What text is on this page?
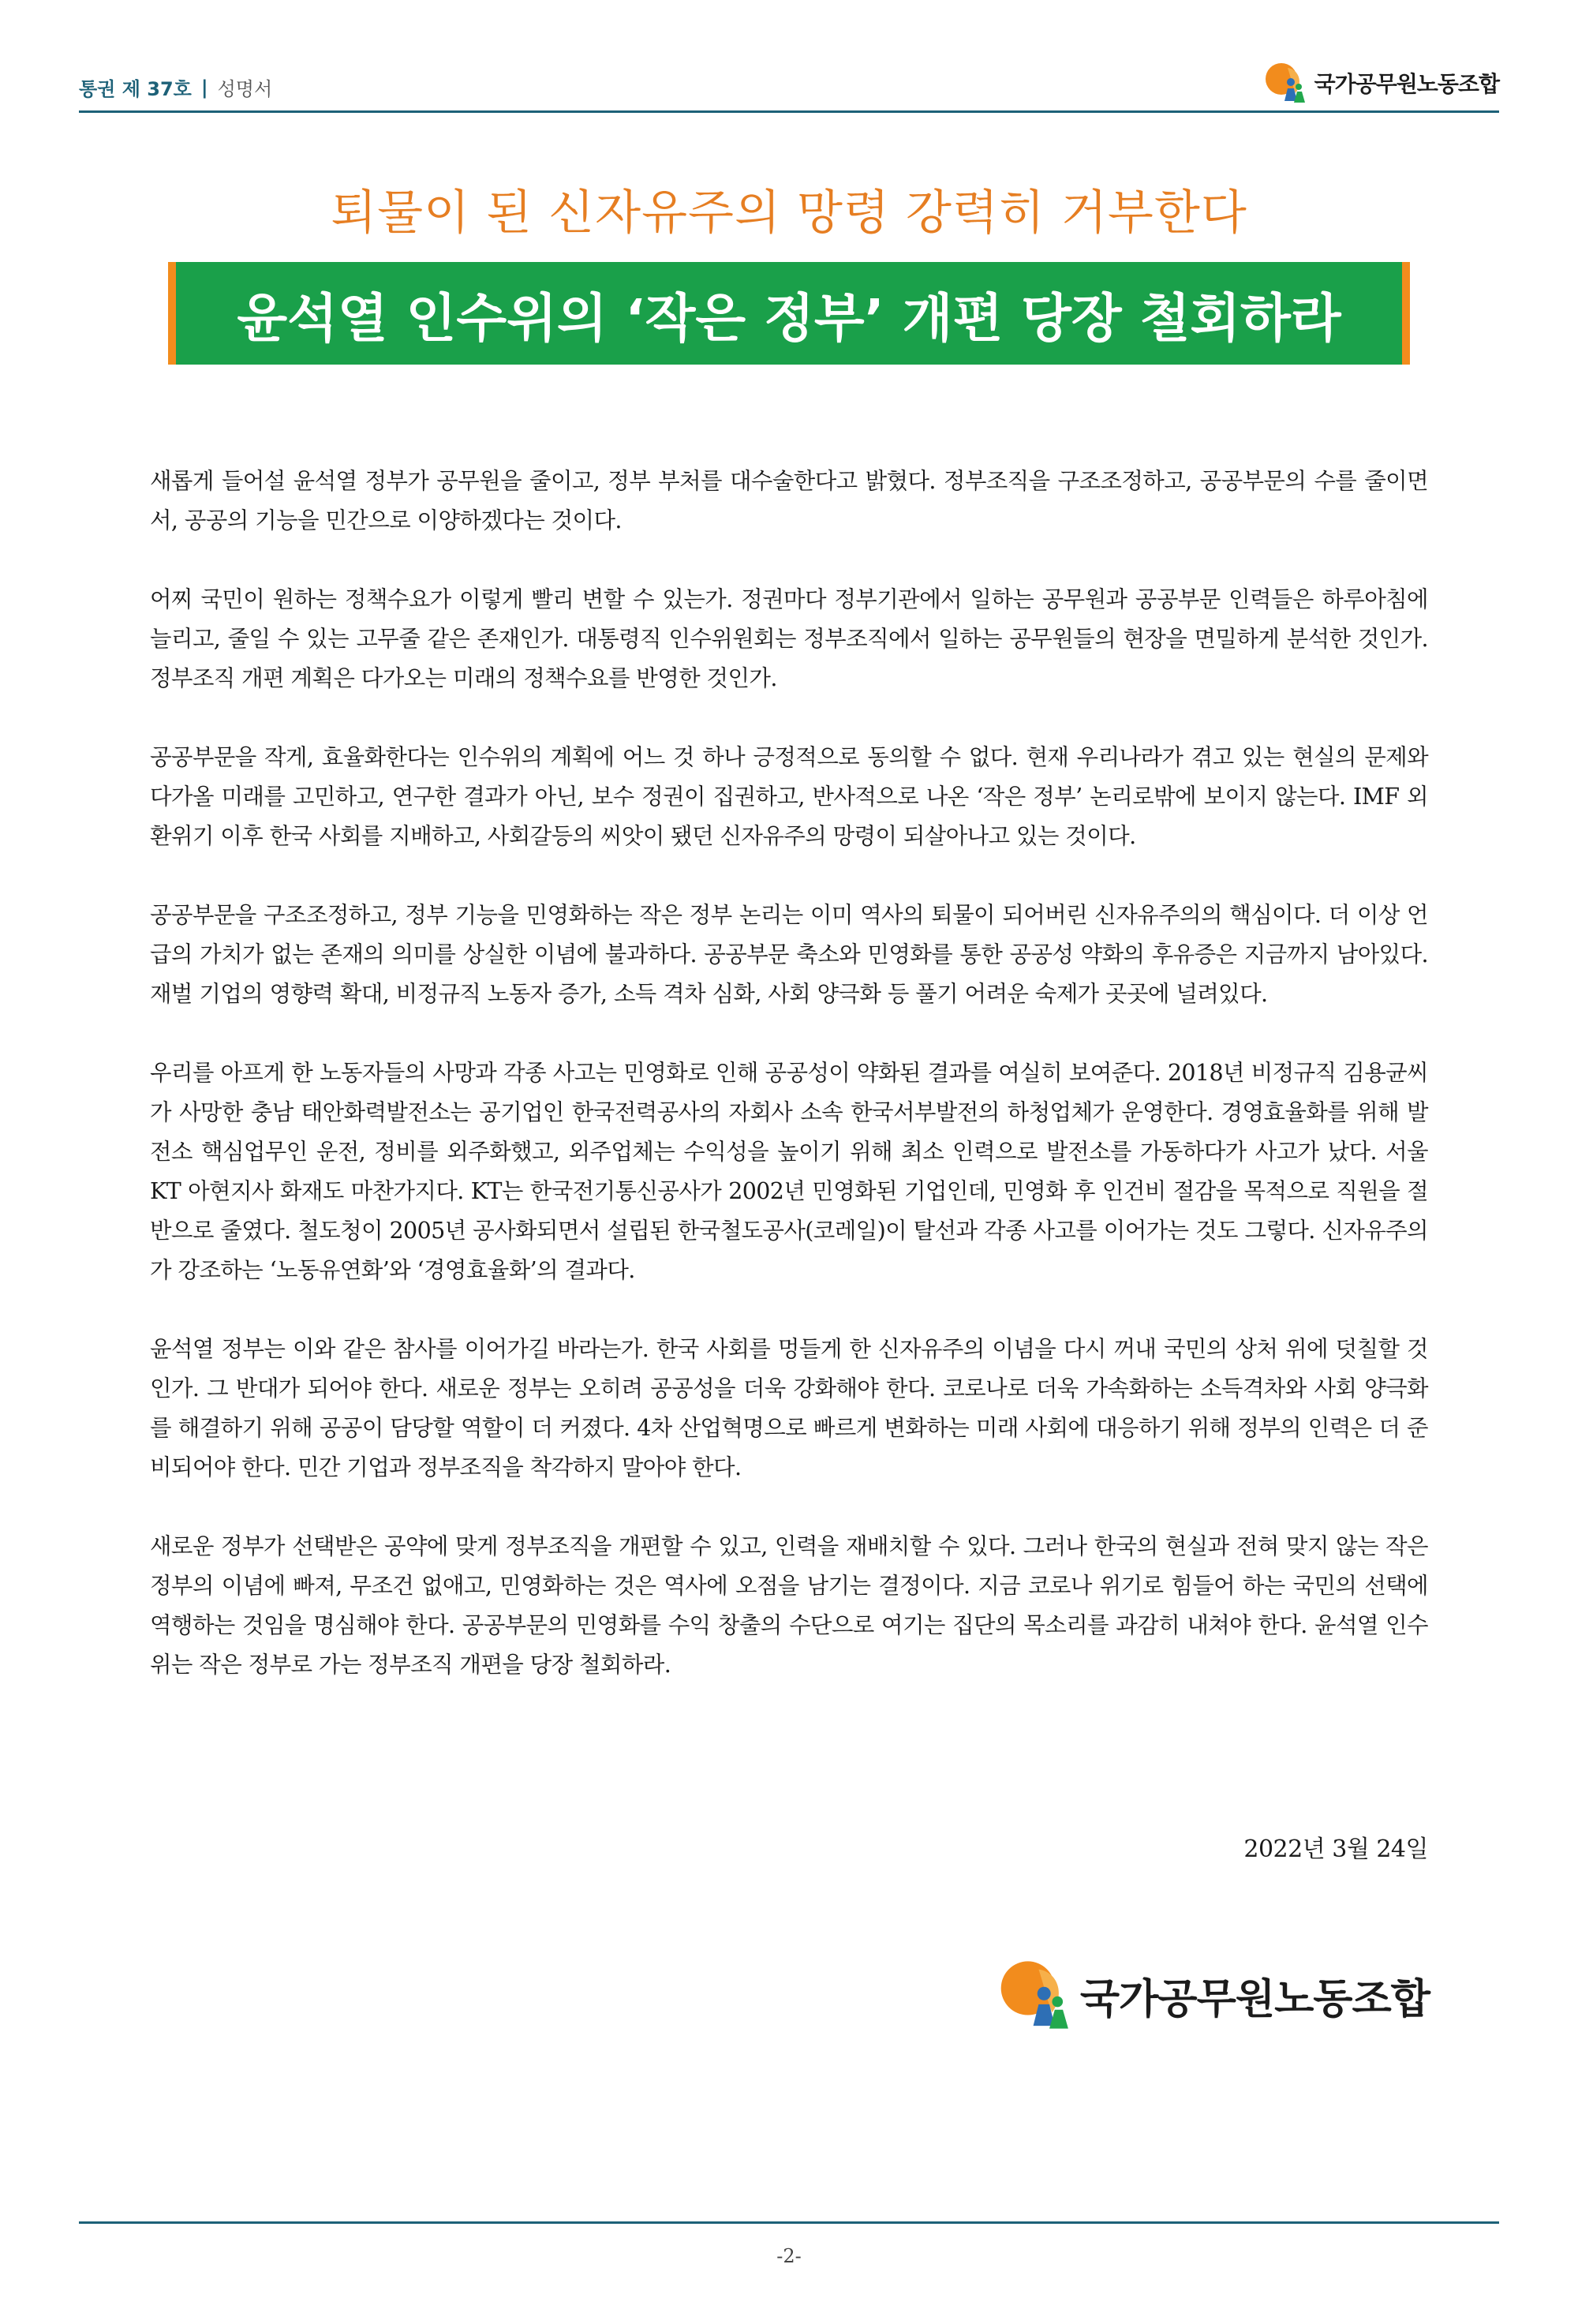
통권 제 37호 | 성명서	국가공무원노동조합
퇴물이 된 신자유주의 망령 강력히 거부한다
윤석열 인수위의 ‘작은 정부’ 개편 당장 철회하라

새롭게 들어설 윤석열 정부가 공무원을 줄이고, 정부 부처를 대수술한다고 밝혔다. 정부조직을 구조조정하고, 공공부문의 수를 줄이면서, 공공의 기능을 민간으로 이양하겠다는 것이다.

어찌 국민이 원하는 정책수요가 이렇게 빨리 변할 수 있는가. 정권마다 정부기관에서 일하는 공무원과 공공부문 인력들은 하루아침에 늘리고, 줄일 수 있는 고무줄 같은 존재인가. 대통령직 인수위원회는 정부조직에서 일하는 공무원들의 현장을 면밀하게 분석한 것인가. 정부조직 개편 계획은 다가오는 미래의 정책수요를 반영한 것인가.

공공부문을 작게, 효율화한다는 인수위의 계획에 어느 것 하나 긍정적으로 동의할 수 없다. 현재 우리나라가 겪고 있는 현실의 문제와 다가올 미래를 고민하고, 연구한 결과가 아닌, 보수 정권이 집권하고, 반사적으로 나온 ‘작은 정부’ 논리로밖에 보이지 않는다. IMF 외환위기 이후 한국 사회를 지배하고, 사회갈등의 씨앗이 됐던 신자유주의 망령이 되살아나고 있는 것이다.

공공부문을 구조조정하고, 정부 기능을 민영화하는 작은 정부 논리는 이미 역사의 퇴물이 되어버린 신자유주의의 핵심이다. 더 이상 언급의 가치가 없는 존재의 의미를 상실한 이념에 불과하다. 공공부문 축소와 민영화를 통한 공공성 약화의 후유증은 지금까지 남아있다. 재벌 기업의 영향력 확대, 비정규직 노동자 증가, 소득 격차 심화, 사회 양극화 등 풀기 어려운 숙제가 곳곳에 널려있다.

우리를 아프게 한 노동자들의 사망과 각종 사고는 민영화로 인해 공공성이 약화된 결과를 여실히 보여준다. 2018년 비정규직 김용균씨가 사망한 충남 태안화력발전소는 공기업인 한국전력공사의 자회사 소속 한국서부발전의 하청업체가 운영한다. 경영효율화를 위해 발전소 핵심업무인 운전, 정비를 외주화했고, 외주업체는 수익성을 높이기 위해 최소 인력으로 발전소를 가동하다가 사고가 났다. 서울 KT 아현지사 화재도 마찬가지다. KT는 한국전기통신공사가 2002년 민영화된 기업인데, 민영화 후 인건비 절감을 목적으로 직원을 절반으로 줄였다. 철도청이 2005년 공사화되면서 설립된 한국철도공사(코레일)이 탈선과 각종 사고를 이어가는 것도 그렇다. 신자유주의가 강조하는 ‘노동유연화’와 ‘경영효율화’의 결과다.

윤석열 정부는 이와 같은 참사를 이어가길 바라는가. 한국 사회를 멍들게 한 신자유주의 이념을 다시 꺼내 국민의 상처 위에 덧칠할 것인가. 그 반대가 되어야 한다. 새로운 정부는 오히려 공공성을 더욱 강화해야 한다. 코로나로 더욱 가속화하는 소득격차와 사회 양극화를 해결하기 위해 공공이 담당할 역할이 더 커졌다. 4차 산업혁명으로 빠르게 변화하는 미래 사회에 대응하기 위해 정부의 인력은 더 준비되어야 한다. 민간 기업과 정부조직을 착각하지 말아야 한다.

새로운 정부가 선택받은 공약에 맞게 정부조직을 개편할 수 있고, 인력을 재배치할 수 있다. 그러나 한국의 현실과 전혀 맞지 않는 작은 정부의 이념에 빠져, 무조건 없애고, 민영화하는 것은 역사에 오점을 남기는 결정이다. 지금 코로나 위기로 힘들어 하는 국민의 선택에 역행하는 것임을 명심해야 한다. 공공부문의 민영화를 수익 창출의 수단으로 여기는 집단의 목소리를 과감히 내쳐야 한다. 윤석열 인수위는 작은 정부로 가는 정부조직 개편을 당장 철회하라.

2022년 3월 24일
국가공무원노동조합
-2-
